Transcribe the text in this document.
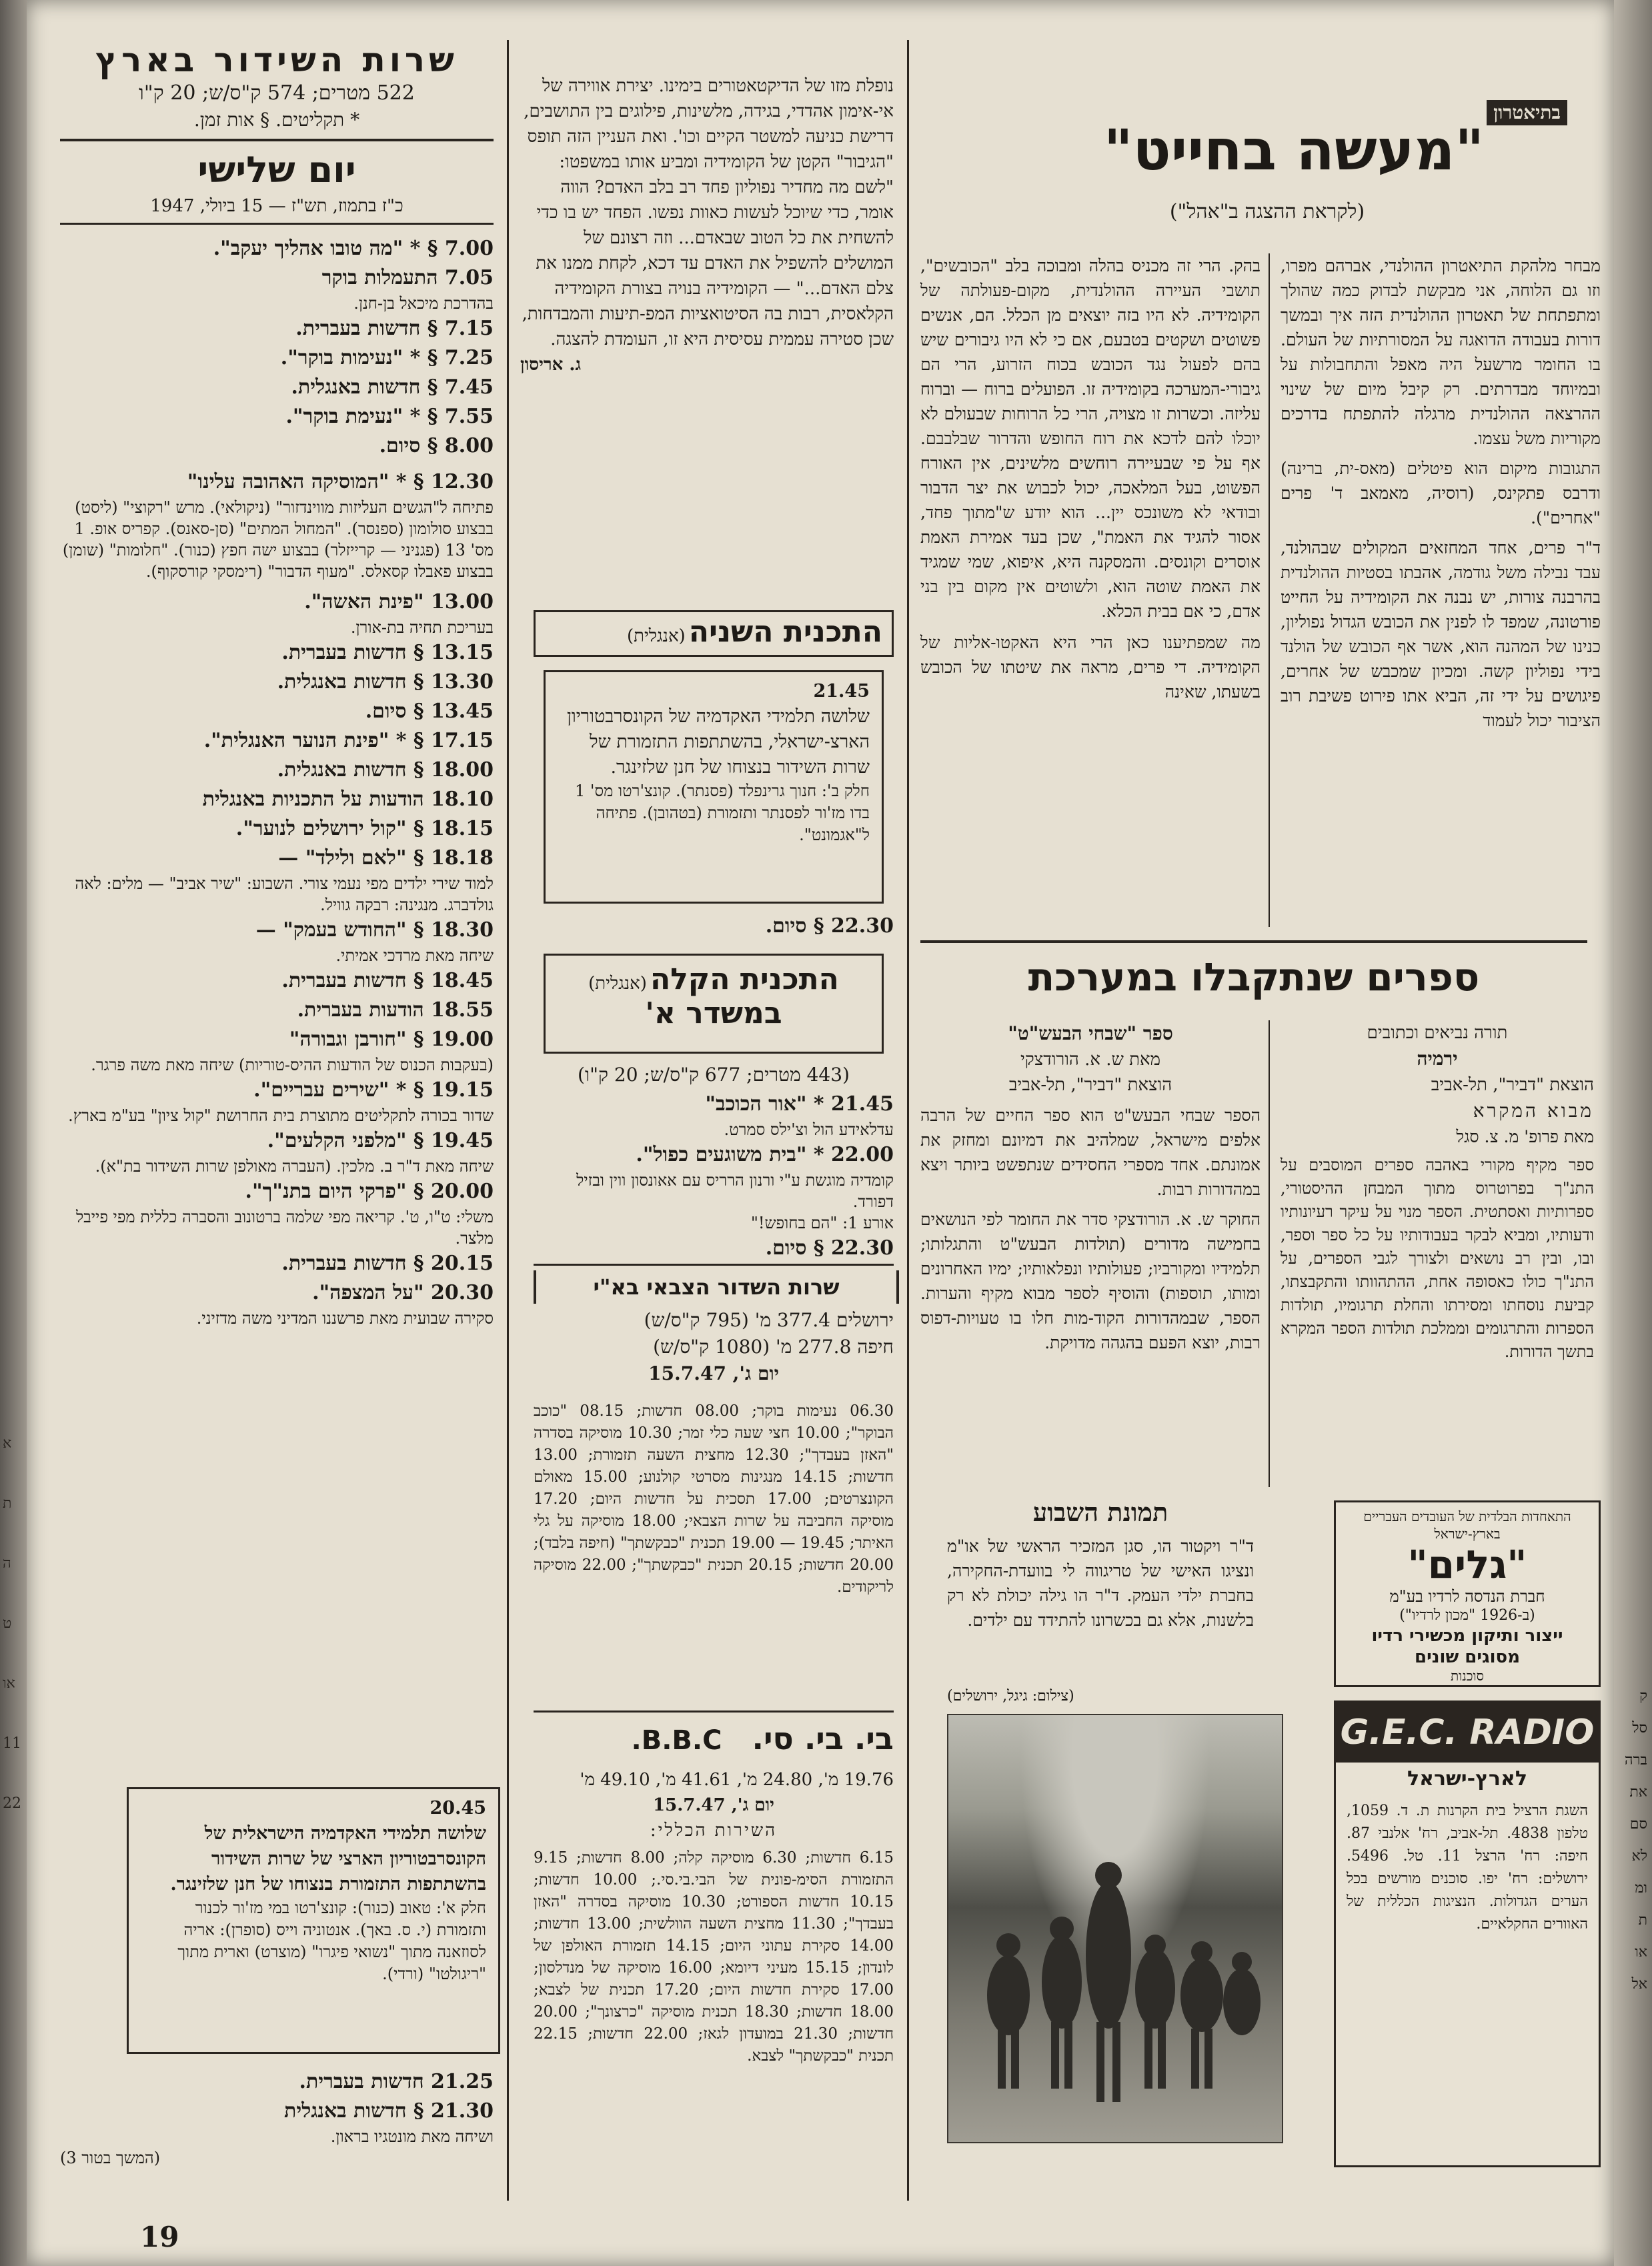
שרות השידור בארץ
522 מטרים; 574 ק"ס/ש; 20 ק"ו
* תקליטים. § אות זמן.
יום שלישי
כ"ז בתמוז, תש"ז — 15 ביולי, 1947
7.00 § * "מה טובו אהליך יעקב".
7.05 התעמלות בוקר
בהדרכת מיכאל בן-חנן.
7.15 § חדשות בעברית.
7.25 § * "נעימות בוקר".
7.45 § חדשות באנגלית.
7.55 § * "נעימת בוקר".
8.00 § סיום.
12.30 § * "המוסיקה האהובה עלינו"
פתיחה ל"הגשים העליזות מווינדזור" (ניקולאי). מרש "רקוצי" (ליסט) בבצוע סולומון (ספנסר). "המחול המתים" (סן-סאנס). קפריס אופ. 1 מס' 13 (פגניני — קרייזלר) בבצוע ישה חפץ (כנור). "חלומות" (שומן) בבצוע פאבלו קסאלס. "מעוף הדבור" (רימסקי קורסקוף).
13.00 "פינת האשה".
בעריכת תחיה בת-אורן.
13.15 § חדשות בעברית.
13.30 § חדשות באנגלית.
13.45 § סיום.
17.15 § * "פינת הנוער האנגלית".
18.00 § חדשות באנגלית.
18.10 הודעות על התכניות באנגלית
18.15 § "קול ירושלים לנוער".
18.18 § "לאם ולילד" —
למוד שירי ילדים מפי נעמי צורי. השבוע: "שיר אביב" — מלים: לאה גולדברג. מנגינה: רבקה גוויל.
18.30 § "החודש בעמק" —
שיחה מאת מרדכי אמיתי.
18.45 § חדשות בעברית.
18.55 הודעות בעברית.
19.00 § "חורבן וגבורה"
(בעקבות הכנוס של הודעות ההיס-טוריות) שיחה מאת משה פרגר.
19.15 § * "שירים עבריים".
שדור בכורה לתקליטים מתוצרת בית החרושת "קול ציון" בע"מ בארץ.
19.45 § "מלפני הקלעים".
שיחה מאת ד"ר ב. מלכין. (העברה מאולפן שרות השידור בת"א).
20.00 § "פרקי היום בתנ"ך".
משלי: ט"ו, ט'. קריאה מפי שלמה ברטונוב והסברה כללית מפי פייבל מלצר.
20.15 § חדשות בעברית.
20.30 "על המצפה".
סקירה שבועית מאת פרשננו המדיני משה מדזיני.
20.45
שלושה תלמידי האקדמיה הישראלית של הקונסרבטוריון הארצי של שרות השידור בהשתתפות התזמורת בנצוחו של חנן שלזינגר.
חלק א': טאוב (כנור): קונצ'רטו במי מז'ור לכנור ותזמורת (י. ס. באך). אנטוניה וייס (סופרן): אריה לסוזאנה מתוך "נשואי פיגרו" (מוצרט) וארית מתוך "ריגולטו" (ורדי).
21.25 חדשות בעברית.
21.30 § חדשות באנגלית
ושיחה מאת מונטגיו בראון.
(המשך בטור 3)
19
נופלת מזו של הדיקטאטורים בימינו. יצירת אווירה של אי-אימון אהדדי, בגידה, מלשינות, פילוגים בין התושבים, דרישת כניעה למשטר הקיים וכו'. ואת העניין הזה תופס "הגיבור" הקטן של הקומידיה ומביע אותו במשפטו: "לשם מה מחדיר נפוליון פחד רב בלב האדם? הווה אומר, כדי שיוכל לעשות כאוות נפשו. הפחד יש בו כדי להשחית את כל הטוב שבאדם... וזה רצונם של המושלים להשפיל את האדם עד דכא, לקחת ממנו את צלם האדם..." — הקומידיה בנויה בצורת הקומידיה הקלאסית, רבות בה הסיטואציות המפ-תיעות והמבדחות, שכן סטירה עממית עסיסית היא זו, העומדת להצגה.
ג. אריסון
התכנית השניה (אנגלית)
21.45
שלושה תלמידי האקדמיה של הקונסרבטוריון הארצ-ישראלי, בהשתתפות התזמורת של שרות השידור בנצוחו של חנן שלזינגר.
חלק ב': חנוך גרינפלד (פסנתר). קונצ'רטו מס' 1 בדו מז'ור לפסנתר ותזמורת (בטהובן). פתיחה ל"אגמונט".
22.30 § סיום.
התכנית הקלה (אנגלית)
במשדר א'
(443 מטרים; 677 ק"ס/ש; 20 ק"ו)
21.45 * "אור הכוכב"
עדלאידע הול וצ'ילס סמרט.
22.00 * "בית משוגעים כפול".
קומדיה מוגשת ע"י ורנון הרריס עם אאונסון ווין ובזיל דפורד.
אורע 1: "הם בחופש!"
22.30 § סיום.
שרות השדור הצבאי בא"י
ירושלים 377.4 מ' (795 ק"ס/ש)
חיפה 277.8 מ' (1080 ק"ס/ש)
יום ג', 15.7.47
06.30 נעימות בוקר; 08.00 חדשות; 08.15 "כוכב הבוקר"; 10.00 חצי שעה כלי זמר; 10.30 מוסיקה בסדרה "האזן בעבדך"; 12.30 מחצית השעה תזמורת; 13.00 חדשות; 14.15 מנגינות מסרטי קולנוע; 15.00 מאולם הקונצרטים; 17.00 תסכית על חדשות היום; 17.20 מוסיקה החביבה על שרות הצבאי; 18.00 מוסיקה על גלי האיתר; 19.45 — 19.00 תכנית "כבקשתך" (חיפה בלבד); 20.00 חדשות; 20.15 תכנית "כבקשתך"; 22.00 מוסיקה לריקודים.
בי. בי. סי. B.B.C.
19.76 מ', 24.80 מ', 41.61 מ', 49.10 מ'
יום ג', 15.7.47
השירות הכללי:
6.15 חדשות; 6.30 מוסיקה קלה; 8.00 חדשות; 9.15 התזמורת הסימ-פונית של הבי.בי.סי.; 10.00 חדשות; 10.15 חדשות הספורט; 10.30 מוסיקה בסדרה "האזן בעבדך"; 11.30 מחצית השעה הוולשית; 13.00 חדשות; 14.00 סקירת עתוני היום; 14.15 תזמורת האולפן של לונדון; 15.15 מעיני דיומא; 16.00 מוסיקה של מנדלסון; 17.00 סקירת חדשות היום; 17.20 תכנית של לצבא; 18.00 חדשות; 18.30 תכנית מוסיקה "כרצונך"; 20.00 חדשות; 21.30 במועדון לגאז; 22.00 חדשות; 22.15 תכנית "כבקשתך" לצבא.
בתיאטרון
"מעשה בחייט"
(לקראת ההצגה ב"אהל")
מבחר מלהקת התיאטרון ההולנדי, אברהם מפרו, וזו גם הלוחה, אני מבקשת לבדוק כמה שהולך ומתפתחת של תאטרון ההולנדית הזה איך ובמשך דורות בעבודה הדואגה על המסורתיות של העולם. בו החומר מרשעל היה מאפל והתחבולות על ובמיוחד מבדרתים. רק קיבל מיום של שינוי ההרצאה ההולנדית מרגלה להתפתח בדרכים מקוריות משל עצמו.
התגובות מיקום הוא פיטלים (מאס-ית, ברינה) ודרבס פתקינס, (רוסיה, מאמאב ד' פרים "אחרים").
ד"ר פרים, אחד המחזאים המקולים שבהולנד, עבד נבילה משל גודמה, אהבתו בסטיות ההולנדית בהרבנה צורות, יש נבנה את הקומידיה על החייט פורטונה, שמפד לו לפנין את הכובש הגדול נפוליון, כנינו של המהנה הוא, אשר אף הכובש של הולנד בידי נפוליון קשה. ומכיון שמכבש של אחרים, פיגושים על ידי זה, הביא אתו פירוט פשיבת רוב הציבור יכול לעמוד
בהק. הרי זה מכניס בהלה ומבוכה בלב "הכובשים", תושבי העיירה ההולנדית, מקום-פעולתה של הקומידיה. לא היו בזה יוצאים מן הכלל. הם, אנשים פשוטים ושקטים בטבעם, אם כי לא היו גיבורים שיש בהם לפעול נגד הכובש בכוח הזרוע, הרי הם גיבורי-המערכה בקומידיה זו. הפועלים ברוח — וברוח עליזה. וכשרות זו מצויה, הרי כל הרוחות שבעולם לא יוכלו להם לדכא את רוח החופש והדרור שבלבבם. אף על פי שבעיירה רוחשים מלשינים, אין האורח הפשוט, בעל המלאכה, יכול לכבוש את יצר הדבור ובודאי לא משונכס יין... הוא יודע ש"מתוך פחד, אסור להגיד את האמת", שכן בעד אמירת האמת אוסרים וקונסים. והמסקנה היא, איפוא, שמי שמגיד את האמת שוטה הוא, ולשוטים אין מקום בין בני אדם, כי אם בבית הכלא.
מה שמפתיענו כאן הרי היא האקטו-אליות של הקומידיה. די פרים, מראה את שיטתו של הכובש בשעתו, שאינה
ספרים שנתקבלו במערכת
תורה נביאים וכתובים
ירמיה
הוצאת "דביר", תל-אביב
מבוא המקרא
מאת פרופ' מ. צ. סגל
ספר מקיף מקורי באהבה ספרים המוסבים על התנ"ך בפרוטרוס מתוך המבחן ההיסטורי, ספרותיות ואסתטית. הספר מנוי על עיקר רעיונותיו ודעותיו, ומביא לבקר בעבודותיו על כל ספר וספר, ובו, ובין רב נושאים ולצורך לגבי הספרים, על התנ"ך כולו כאסופה אחת, ההתהוותו והתקבצתו, קביעת נוסחתו ומסירתו והחלת תרגומיו, תולדות הספרות והתרגומים וממלכת תולדות הספר המקרא בתשך הדורות.
ספר "שבחי הבעש"ט"
מאת ש. א. הורודצקי
הוצאת "דביר", תל-אביב
הספר שבחי הבעש"ט הוא ספר החיים של הרבה אלפים מישראל, שמלהיב את דמיונם ומחזק את אמונתם. אחד מספרי החסידים שנתפשט ביותר ויצא במהדורות רבות.
החוקר ש. א. הורודצקי סדר את החומר לפי הנושאים בחמישה מדורים (תולדות הבעש"ט והתגלותו; תלמידיו ומקורביו; פעולותיו ונפלאותיו; ימיו האחרונים ומותו, תוספות) והוסיף לספר מבוא מקיף והערות. הספר, שבמהדורות הקוד-מות חלו בו טעויות-דפוס רבות, יוצא הפעם בהגהה מדויקת.
תמונת השבוע
ד"ר ויקטור הו, סגן המזכיר הראשי של או"מ ונציגו האישי של טריגווה לי בוועדת-החקירה, בחברת ילדי העמק. ד"ר הו גילה יכולת לא רק בלשנות, אלא גם בכשרונו להתידד עם ילדים.
(צילום: גיגל, ירושלים)
התאחדות הבלדית של העובדים העבריים בארץ-ישראל
"גלים"
חברת הנדסה לרדיו בע"מ
(ב-1926 "מכון לרדיו")
ייצור ותיקון מכשירי רדיו מסוגים שונים
סוכנות
G.E.C. RADIO
לארץ-ישראל
השגת הרציל בית הקרנות ת. ד. 1059, טלפון 4838. תל-אביב, רח' אלנבי 87. חיפה: רח' הרצל 11. טל. 5496. ירושלים: רח' יפו. סוכנים מורשים בכל הערים הגדולות. הנציגות הכללית של האוורים החקלאיים.
ק
סל
ברה
את
סם
לא
ומ
ת
או
אל
א
ת
ה
ט
או
11
22
